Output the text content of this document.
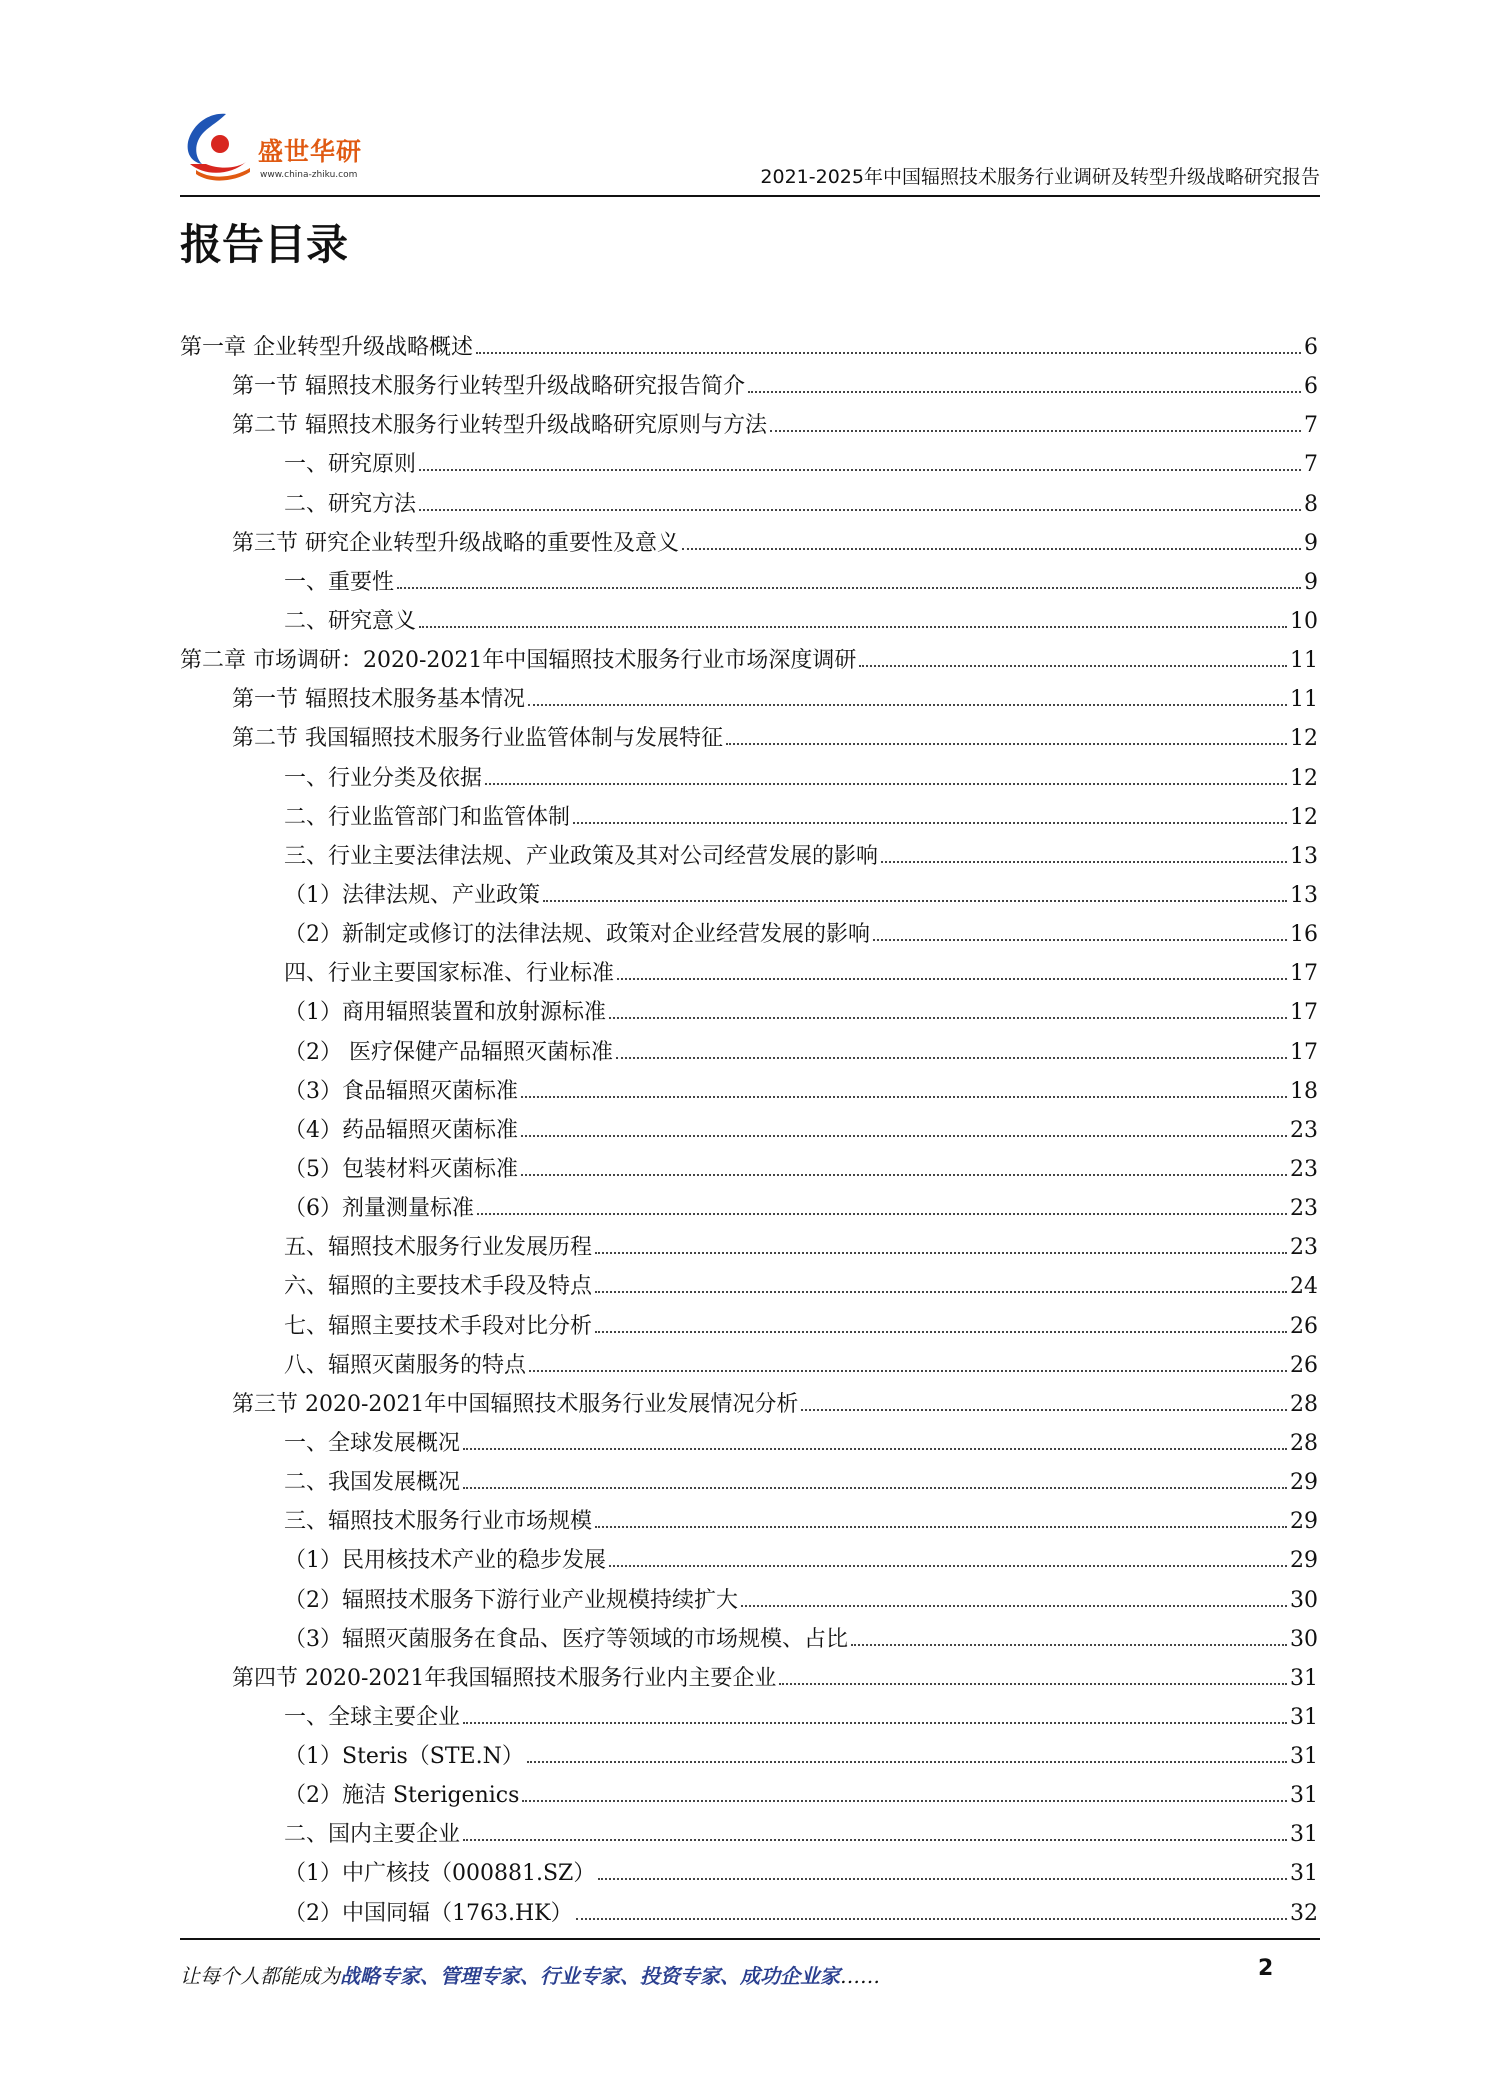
盛世华研
www.china-zhiku.com	2021-2025年中国辐照技术服务行业调研及转型升级战略研究报告
报告目录
第一章 企业转型升级战略概述	6
第一节 辐照技术服务行业转型升级战略研究报告简介	6
第二节 辐照技术服务行业转型升级战略研究原则与方法	7
一、研究原则	7
二、研究方法	8
第三节 研究企业转型升级战略的重要性及意义	9
一、重要性	9
二、研究意义	10
第二章 市场调研：2020-2021年中国辐照技术服务行业市场深度调研	11
第一节 辐照技术服务基本情况	11
第二节 我国辐照技术服务行业监管体制与发展特征	12
一、行业分类及依据	12
二、行业监管部门和监管体制	12
三、行业主要法律法规、产业政策及其对公司经营发展的影响	13
（1）法律法规、产业政策	13
（2）新制定或修订的法律法规、政策对企业经营发展的影响	16
四、行业主要国家标准、行业标准	17
（1）商用辐照装置和放射源标准	17
（2） 医疗保健产品辐照灭菌标准	17
（3）食品辐照灭菌标准	18
（4）药品辐照灭菌标准	23
（5）包装材料灭菌标准	23
（6）剂量测量标准	23
五、辐照技术服务行业发展历程	23
六、辐照的主要技术手段及特点	24
七、辐照主要技术手段对比分析	26
八、辐照灭菌服务的特点	26
第三节 2020-2021年中国辐照技术服务行业发展情况分析	28
一、全球发展概况	28
二、我国发展概况	29
三、辐照技术服务行业市场规模	29
（1）民用核技术产业的稳步发展	29
（2）辐照技术服务下游行业产业规模持续扩大	30
（3）辐照灭菌服务在食品、医疗等领域的市场规模、占比	30
第四节 2020-2021年我国辐照技术服务行业内主要企业	31
一、全球主要企业	31
（1）Steris（STE.N）	31
（2）施洁 Sterigenics	31
二、国内主要企业	31
（1）中广核技（000881.SZ）	31
（2）中国同辐（1763.HK）	32
让每个人都能成为战略专家、管理专家、行业专家、投资专家、成功企业家……	2
